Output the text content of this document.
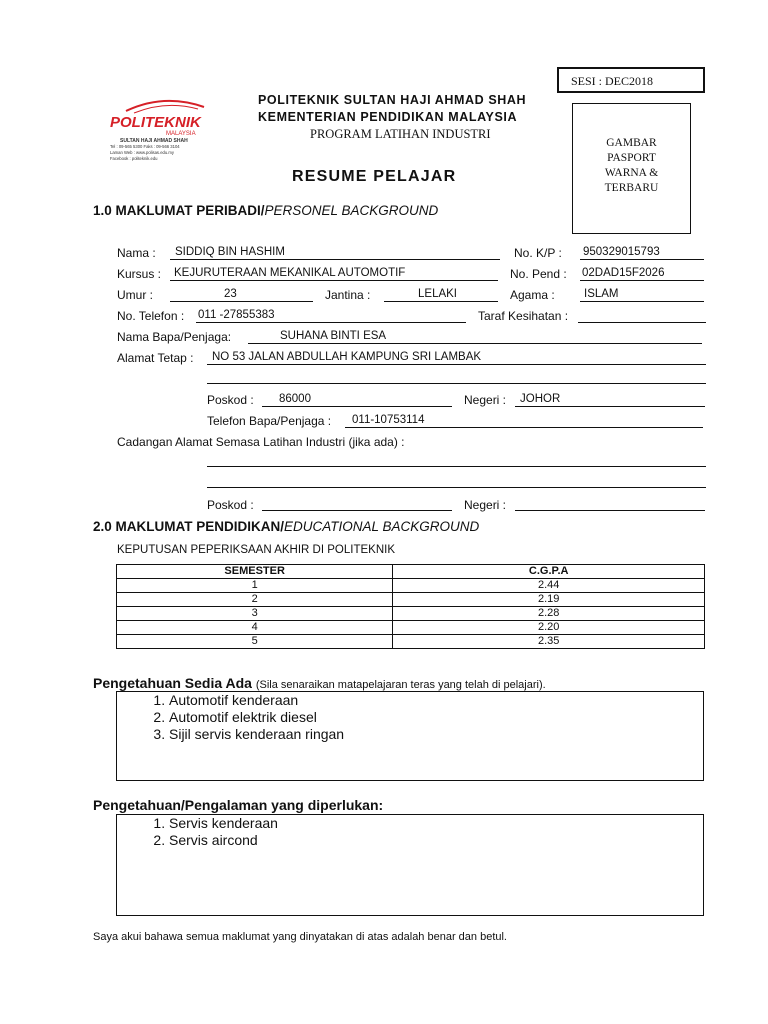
SESI : DEC2018
POLITEKNIK
MALAYSIA
SULTAN HAJI AHMAD SHAH
Tel : 09-565 5300 Faks : 09-566 3104
Laman Web : www.polisas.edu.my
Facebook : politeknik.edu
POLITEKNIK SULTAN HAJI AHMAD SHAH
KEMENTERIAN PENDIDIKAN MALAYSIA
PROGRAM LATIHAN INDUSTRI
GAMBAR
PASPORT
WARNA &
TERBARU
RESUME PELAJAR
1.0 MAKLUMAT PERIBADI/PERSONEL BACKGROUND
Nama : SIDDIQ BIN HASHIM	No. K/P : 950329015793
Kursus : KEJURUTERAAN MEKANIKAL AUTOMOTIF	No. Pend : 02DAD15F2026
Umur :	23	Jantina :	LELAKI	Agama :	ISLAM
No. Telefon : 011 -27855383	Taraf Kesihatan :
Nama Bapa/Penjaga:	SUHANA BINTI ESA
Alamat Tetap : NO 53 JALAN ABDULLAH KAMPUNG SRI LAMBAK
Poskod : 86000	Negeri : JOHOR
Telefon Bapa/Penjaga : 011-10753114
Cadangan Alamat Semasa Latihan Industri (jika ada) :
Poskod :	Negeri :
2.0 MAKLUMAT PENDIDIKAN/EDUCATIONAL BACKGROUND
KEPUTUSAN PEPERIKSAAN AKHIR DI POLITEKNIK
SEMESTER	C.G.P.A
1	2.44
2	2.19
3	2.28
4	2.20
5	2.35
Pengetahuan Sedia Ada (Sila senaraikan matapelajaran teras yang telah di pelajari).
1. Automotif kenderaan
2. Automotif elektrik diesel
3. Sijil servis kenderaan ringan
Pengetahuan/Pengalaman yang diperlukan:
1. Servis kenderaan
2. Servis aircond
Saya akui bahawa semua maklumat yang dinyatakan di atas adalah benar dan betul.
